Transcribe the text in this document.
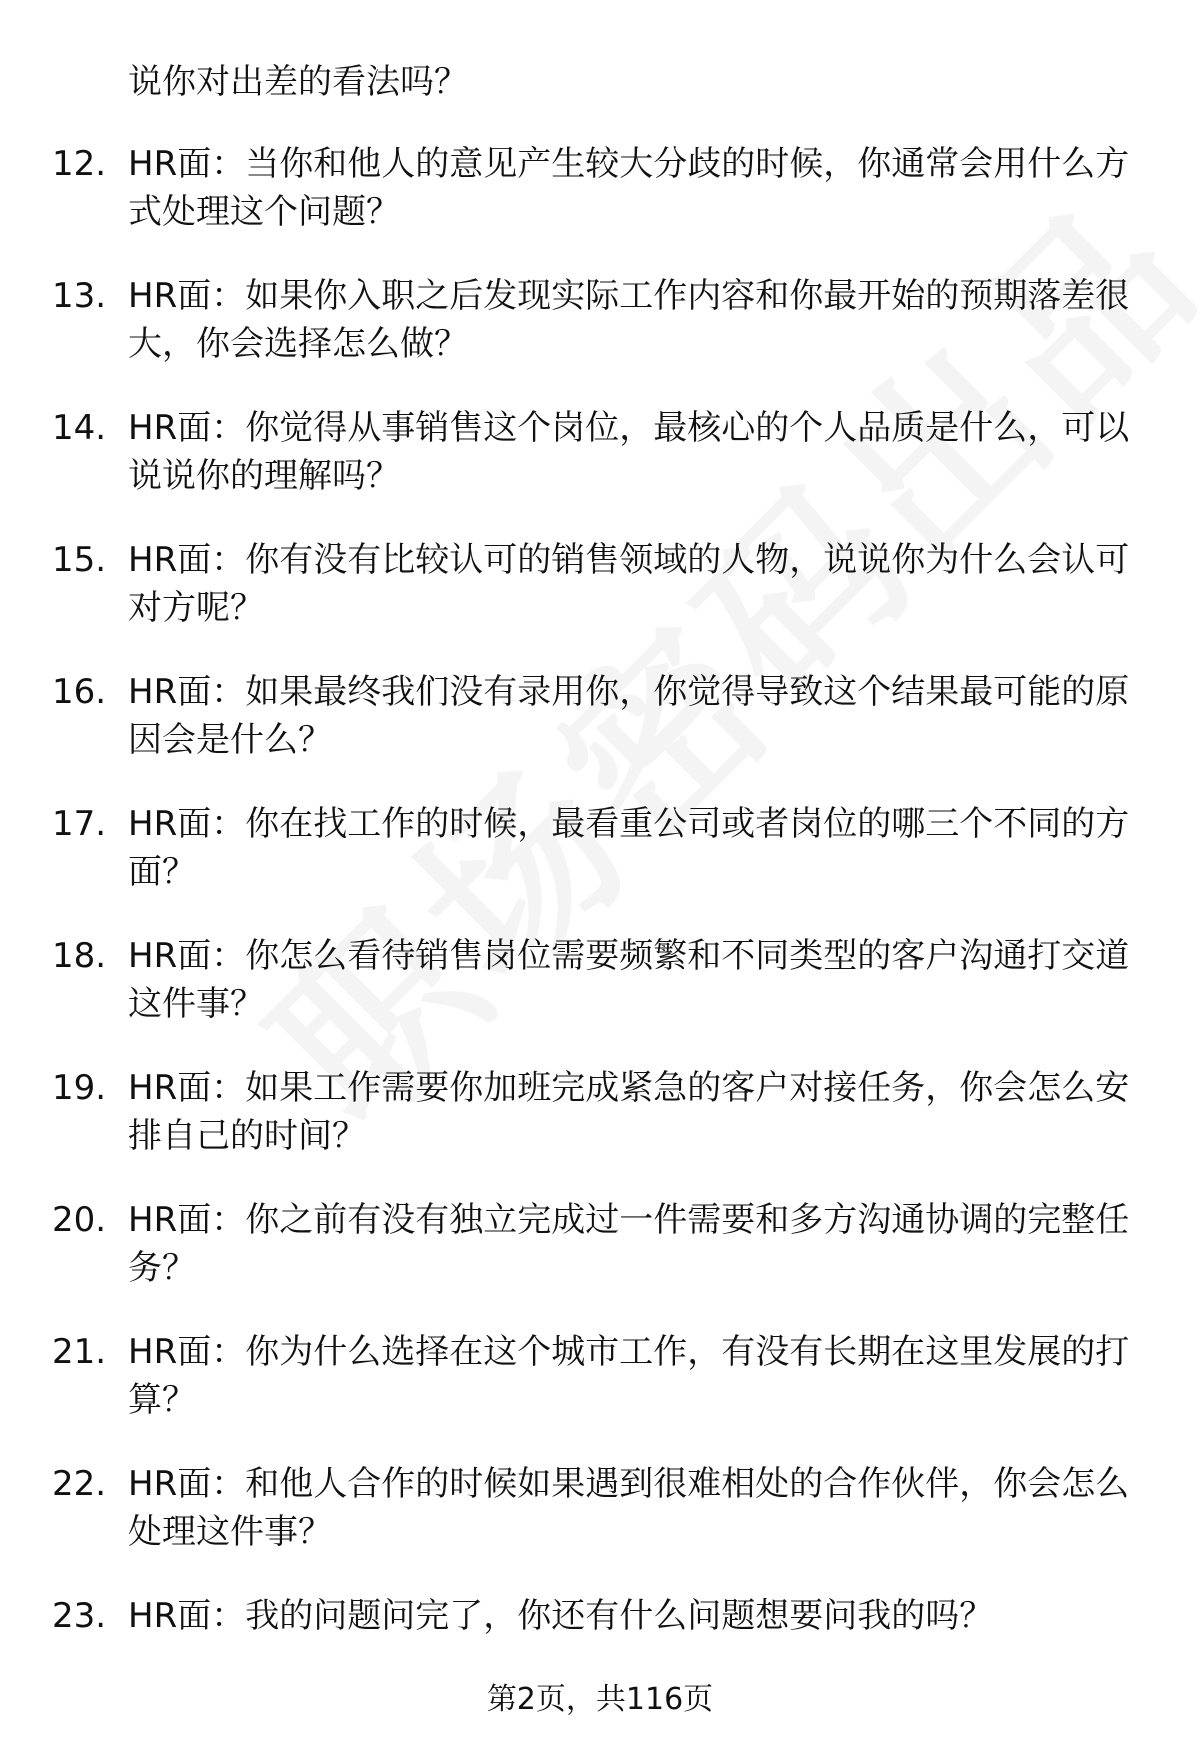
说你对出差的看法吗？
12. HR面：当你和他人的意见产生较大分歧的时候，你通常会用什么方式处理这个问题？
13. HR面：如果你入职之后发现实际工作内容和你最开始的预期落差很大，你会选择怎么做？
14. HR面：你觉得从事销售这个岗位，最核心的个人品质是什么，可以说说你的理解吗？
15. HR面：你有没有比较认可的销售领域的人物，说说你为什么会认可对方呢？
16. HR面：如果最终我们没有录用你，你觉得导致这个结果最可能的原因会是什么？
17. HR面：你在找工作的时候，最看重公司或者岗位的哪三个不同的方面？
18. HR面：你怎么看待销售岗位需要频繁和不同类型的客户沟通打交道这件事？
19. HR面：如果工作需要你加班完成紧急的客户对接任务，你会怎么安排自己的时间？
20. HR面：你之前有没有独立完成过一件需要和多方沟通协调的完整任务？
21. HR面：你为什么选择在这个城市工作，有没有长期在这里发展的打算？
22. HR面：和他人合作的时候如果遇到很难相处的合作伙伴，你会怎么处理这件事？
23. HR面：我的问题问完了，你还有什么问题想要问我的吗？
第2页，共116页
